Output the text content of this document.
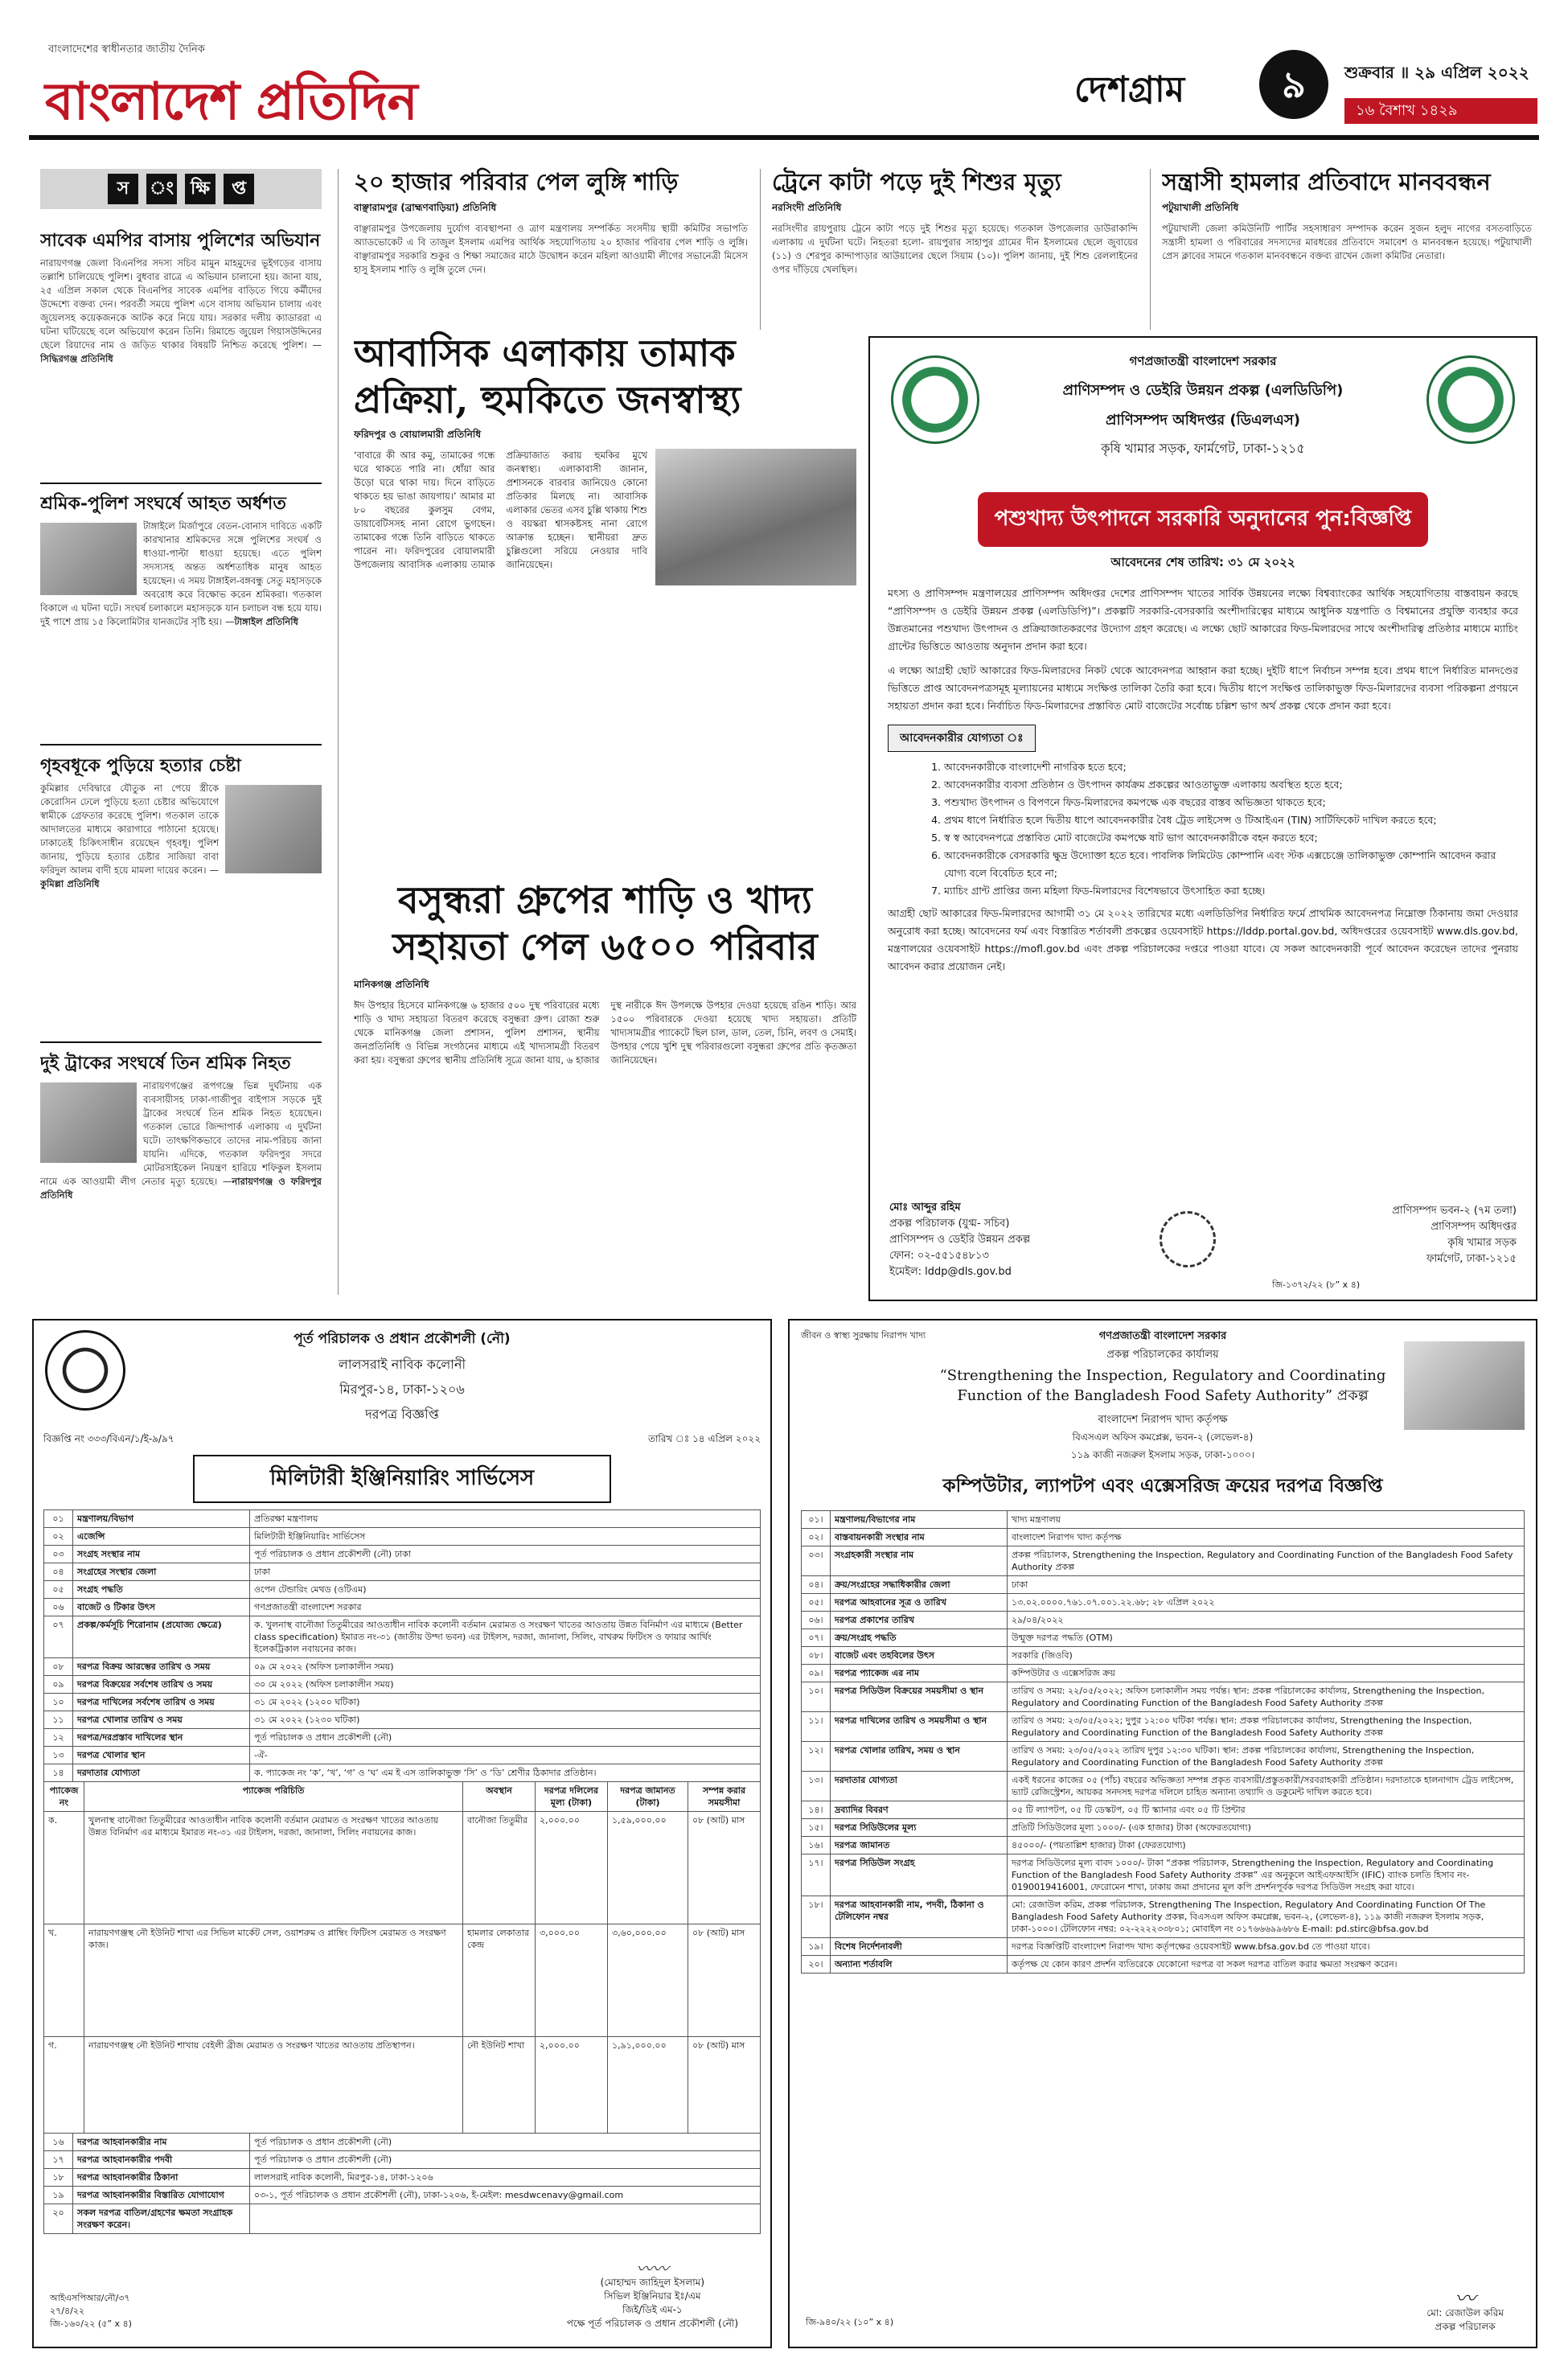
বাংলাদেশের স্বাধীনতার জাতীয় দৈনিক
বাংলাদেশ প্রতিদিন	দেশগ্রাম	৯	শুক্রবার ॥ ২৯ এপ্রিল ২০২২
১৬ বৈশাখ ১৪২৯
স	ং ক্ষি	প্ত
সাবেক এমপির বাসায় পুলিশের অভিযান

নারায়ণগঞ্জ জেলা বিএনপির সদস্য সচিব মামুন মাহমুদের ভূইগড়ের বাসায় তল্লাশি চালিয়েছে পুলিশ। বুধবার রাত্রে এ অভিযান চালানো হয়। জানা যায়, ২৫ এপ্রিল সকাল থেকে বিএনপির সাবেক এমপির বাড়িতে গিয়ে কর্মীদের উদ্দেশ্যে বক্তব্য দেন। পরবর্তী সময়ে পুলিশ এসে বাসায় অভিযান চালায় এবং জুয়েলসহ কয়েকজনকে আটক করে নিয়ে যায়। সরকার দলীয় ক্যাডাররা এ ঘটনা ঘটিয়েছে বলে অভিযোগ করেন তিনি। রিমান্ডে জুয়েল গিয়াসউদ্দিনের ছেলে রিয়াদের নাম ও জড়িত থাকার বিষয়টি নিশ্চিত করেছে পুলিশ। —সিদ্ধিরগঞ্জ প্রতিনিধি

শ্রমিক-পুলিশ সংঘর্ষে আহত অর্ধশত

টাঙ্গাইলে মির্জাপুরে বেতন-বোনাস দাবিতে একটি কারখানার শ্রমিকদের সঙ্গে পুলিশের সংঘর্ষ ও ধাওয়া-পাল্টা ধাওয়া হয়েছে। এতে পুলিশ সদস্যসহ অন্তত অর্ধশতাধিক মানুষ আহত হয়েছেন। এ সময় টাঙ্গাইল-বঙ্গবন্ধু সেতু মহাসড়কে অবরোধ করে বিক্ষোভ করেন শ্রমিকরা। গতকাল বিকালে এ ঘটনা ঘটে। সংঘর্ষ চলাকালে মহাসড়কে যান চলাচল বন্ধ হয়ে যায়। দুই পাশে প্রায় ১৫ কিলোমিটার যানজটের সৃষ্টি হয়। —টাঙ্গাইল প্রতিনিধি

গৃহবধূকে পুড়িয়ে হত্যার চেষ্টা

কুমিল্লার দেবিদ্বারে যৌতুক না পেয়ে স্ত্রীকে কেরোসিন ঢেলে পুড়িয়ে হত্যা চেষ্টার অভিযোগে স্বামীকে গ্রেফতার করেছে পুলিশ। গতকাল তাকে আদালতের মাধ্যমে কারাগারে পাঠানো হয়েছে। ঢাকাতেই চিকিৎসাধীন রয়েছেন গৃহবধূ। পুলিশ জানায়, পুড়িয়ে হত্যার চেষ্টার সাজিয়া বাবা ফরিদুল আলম বাদী হয়ে মামলা দায়ের করেন। —কুমিল্লা প্রতিনিধি

দুই ট্রাকের সংঘর্ষে তিন শ্রমিক নিহত

নারায়ণগঞ্জের রূপগঞ্জে ভিন্ন দুর্ঘটনায় এক ব্যবসায়ীসহ ঢাকা-গাজীপুর বাইপাস সড়কে দুই ট্রাকের সংঘর্ষে তিন শ্রমিক নিহত হয়েছেন। গতকাল ভোরে জিন্দাপার্ক এলাকায় এ দুর্ঘটনা ঘটে। তাৎক্ষণিকভাবে তাদের নাম-পরিচয় জানা যায়নি। এদিকে, গতকাল ফরিদপুর সদরে মোটরসাইকেল নিয়ন্ত্রণ হারিয়ে শফিকুল ইসলাম নামে এক আওয়ামী লীগ নেতার মৃত্যু হয়েছে। —নারায়ণগঞ্জ ও ফরিদপুর প্রতিনিধি

২০ হাজার পরিবার পেল লুঙ্গি শাড়ি
বাঞ্ছারামপুর (ব্রাহ্মণবাড়িয়া) প্রতিনিধি

বাঞ্ছারামপুর উপজেলায় দুর্যোগ ব্যবস্থাপনা ও ত্রাণ মন্ত্রণালয় সম্পর্কিত সংসদীয় স্থায়ী কমিটির সভাপতি অ্যাডভোকেট এ বি তাজুল ইসলাম এমপির আর্থিক সহযোগিতায় ২০ হাজার পরিবার পেল শাড়ি ও লুঙ্গি। বাঞ্ছারামপুর সরকারি শুকুর ও শিক্ষা সমাজের মাঠে উদ্বোধন করেন মহিলা আওয়ামী লীগের সভানেত্রী মিসেস হাসু ইসলাম শাড়ি ও লুঙ্গি তুলে দেন।

ট্রেনে কাটা পড়ে দুই শিশুর মৃত্যু
নরসিংদী প্রতিনিধি

নরসিংদীর রায়পুরায় ট্রেনে কাটা পড়ে দুই শিশুর মৃত্যু হয়েছে। গতকাল উপজেলার ডাউরাকান্দি এলাকায় এ দুর্ঘটনা ঘটে। নিহতরা হলো- রায়পুরার সাহাপুর গ্রামের দীন ইসলামের ছেলে জুবায়ের (১১) ও শেরপুর কান্দাপাড়ার আউয়ালের ছেলে সিয়াম (১০)। পুলিশ জানায়, দুই শিশু রেললাইনের ওপর দাঁড়িয়ে খেলছিল।

সন্ত্রাসী হামলার প্রতিবাদে মানববন্ধন
পটুয়াখালী প্রতিনিধি

পটুয়াখালী জেলা কমিউনিটি পার্টির সহসাধারণ সম্পাদক করেন সুজন হলুদ নাগের বসতবাড়িতে সন্ত্রাসী হামলা ও পরিবারের সদস্যদের মারধরের প্রতিবাদে সমাবেশ ও মানববন্ধন হয়েছে। পটুয়াখালী প্রেস ক্লাবের সামনে গতকাল মানববন্ধনে বক্তব্য রাখেন জেলা কমিটির নেতারা।

আবাসিক এলাকায় তামাক প্রক্রিয়া, হুমকিতে জনস্বাস্থ্য
ফরিদপুর ও বোয়ালমারী প্রতিনিধি

‘বাবারে কী আর কমু, তামাকের গন্ধে ঘরে থাকতে পারি না। ধোঁয়া আর উড়ো ঘরে থাকা দায়। দিনে বাড়িতে থাকতে হয় ভাঙা জায়গায়।’ আমার মা ৮০ বছরের কুলসুম বেগম, ডায়াবেটিসসহ নানা রোগে ভুগছেন। তামাকের গন্ধে তিনি বাড়িতে থাকতে পারেন না। ফরিদপুরের বোয়ালমারী উপজেলায় আবাসিক এলাকায় তামাক প্রক্রিয়াজাত করায় হুমকির মুখে জনস্বাস্থ্য। এলাকাবাসী জানান, প্রশাসনকে বারবার জানিয়েও কোনো প্রতিকার মিলছে না। আবাসিক এলাকার ভেতর এসব চুল্লি থাকায় শিশু ও বয়স্করা শ্বাসকষ্টসহ নানা রোগে আক্রান্ত হচ্ছেন। স্থানীয়রা দ্রুত চুল্লিগুলো সরিয়ে নেওয়ার দাবি জানিয়েছেন।

বসুন্ধরা গ্রুপের শাড়ি ও খাদ্য সহায়তা পেল ৬৫০০ পরিবার
মানিকগঞ্জ প্রতিনিধি

ঈদ উপহার হিসেবে মানিকগঞ্জে ৬ হাজার ৫০০ দুস্থ পরিবারের মধ্যে শাড়ি ও খাদ্য সহায়তা বিতরণ করেছে বসুন্ধরা গ্রুপ। রোজা শুরু থেকে মানিকগঞ্জ জেলা প্রশাসন, পুলিশ প্রশাসন, স্থানীয় জনপ্রতিনিধি ও বিভিন্ন সংগঠনের মাধ্যমে এই খাদ্যসামগ্রী বিতরণ করা হয়। বসুন্ধরা গ্রুপের স্থানীয় প্রতিনিধি সূত্রে জানা যায়, ৬ হাজার দুস্থ নারীকে ঈদ উপলক্ষে উপহার দেওয়া হয়েছে রঙিন শাড়ি। আর ১৫০০ পরিবারকে দেওয়া হয়েছে খাদ্য সহায়তা। প্রতিটি খাদ্যসামগ্রীর প্যাকেটে ছিল চাল, ডাল, তেল, চিনি, লবণ ও সেমাই। উপহার পেয়ে খুশি দুস্থ পরিবারগুলো বসুন্ধরা গ্রুপের প্রতি কৃতজ্ঞতা জানিয়েছেন।

গণপ্রজাতন্ত্রী বাংলাদেশ সরকার
প্রাণিসম্পদ ও ডেইরি উন্নয়ন প্রকল্প (এলডিডিপি)
প্রাণিসম্পদ অধিদপ্তর (ডিএলএস)
কৃষি খামার সড়ক, ফার্মগেট, ঢাকা-১২১৫
পশুখাদ্য উৎপাদনে সরকারি অনুদানের পুন:বিজ্ঞপ্তি
আবেদনের শেষ তারিখ: ৩১ মে ২০২২

মৎস্য ও প্রাণিসম্পদ মন্ত্রণালয়ের প্রাণিসম্পদ অধিদপ্তর দেশের প্রাণিসম্পদ খাতের সার্বিক উন্নয়নের লক্ষ্যে বিশ্বব্যাংকের আর্থিক সহযোগিতায় বাস্তবায়ন করছে “প্রাণিসম্পদ ও ডেইরি উন্নয়ন প্রকল্প (এলডিডিপি)”। প্রকল্পটি সরকারি-বেসরকারি অংশীদারিত্বের মাধ্যমে আধুনিক যন্ত্রপাতি ও বিশ্বমানের প্রযুক্তি ব্যবহার করে উন্নতমানের পশুখাদ্য উৎপাদন ও প্রক্রিয়াজাতকরণের উদ্যোগ গ্রহণ করেছে। এ লক্ষ্যে ছোট আকারের ফিড-মিলারদের সাথে অংশীদারিত্ব প্রতিষ্ঠার মাধ্যমে ম্যাচিং গ্রান্টের ভিত্তিতে আওতায় অনুদান প্রদান করা হবে।

এ লক্ষ্যে আগ্রহী ছোট আকারের ফিড-মিলারদের নিকট থেকে আবেদনপত্র আহ্বান করা হচ্ছে। দুইটি ধাপে নির্বাচন সম্পন্ন হবে। প্রথম ধাপে নির্ধারিত মানদণ্ডের ভিত্তিতে প্রাপ্ত আবেদনপত্রসমূহ মূল্যায়নের মাধ্যমে সংক্ষিপ্ত তালিকা তৈরি করা হবে। দ্বিতীয় ধাপে সংক্ষিপ্ত তালিকাভুক্ত ফিড-মিলারদের ব্যবসা পরিকল্পনা প্রণয়নে সহায়তা প্রদান করা হবে। নির্বাচিত ফিড-মিলারদের প্রস্তাবিত মোট বাজেটের সর্বোচ্চ চল্লিশ ভাগ অর্থ প্রকল্প থেকে প্রদান করা হবে।

আবেদনকারীর যোগ্যতা ঃ
1. আবেদনকারীকে বাংলাদেশী নাগরিক হতে হবে;
2. আবেদনকারীর ব্যবসা প্রতিষ্ঠান ও উৎপাদন কার্যক্রম প্রকল্পের আওতাভুক্ত এলাকায় অবস্থিত হতে হবে;
3. পশুখাদ্য উৎপাদন ও বিপণনে ফিড-মিলারদের কমপক্ষে এক বছরের বাস্তব অভিজ্ঞতা থাকতে হবে;
4. প্রথম ধাপে নির্ধারিত হলে দ্বিতীয় ধাপে আবেদনকারীর বৈধ ট্রেড লাইসেন্স ও টিআইএন (TIN) সার্টিফিকেট দাখিল করতে হবে;
5. স্ব স্ব আবেদনপত্রে প্রস্তাবিত মোট বাজেটের কমপক্ষে ষাট ভাগ আবেদনকারীকে বহন করতে হবে;
6. আবেদনকারীকে বেসরকারি ক্ষুদ্র উদ্যোক্তা হতে হবে। পাবলিক লিমিটেড কোম্পানি এবং স্টক এক্সচেঞ্জে তালিকাভুক্ত কোম্পানি আবেদন করার যোগ্য বলে বিবেচিত হবে না;
7. ম্যাচিং গ্রান্ট প্রাপ্তির জন্য মহিলা ফিড-মিলারদের বিশেষভাবে উৎসাহিত করা হচ্ছে।

আগ্রহী ছোট আকারের ফিড-মিলারদের আগামী ৩১ মে ২০২২ তারিখের মধ্যে এলডিডিপির নির্ধারিত ফর্মে প্রাথমিক আবেদনপত্র নিম্নোক্ত ঠিকানায় জমা দেওয়ার অনুরোধ করা হচ্ছে। আবেদনের ফর্ম এবং বিস্তারিত শর্তাবলী প্রকল্পের ওয়েবসাইট https://lddp.portal.gov.bd, অধিদপ্তরের ওয়েবসাইট www.dls.gov.bd, মন্ত্রণালয়ের ওয়েবসাইট https://mofl.gov.bd এবং প্রকল্প পরিচালকের দপ্তরে পাওয়া যাবে। যে সকল আবেদনকারী পূর্বে আবেদন করেছেন তাদের পুনরায় আবেদন করার প্রয়োজন নেই।

মোঃ আব্দুর রহিম
প্রকল্প পরিচালক (যুগ্ম- সচিব)
প্রাণিসম্পদ ও ডেইরি উন্নয়ন প্রকল্প
ফোন: ০২-৫৫১৫৪৮১৩
ইমেইল: lddp@dls.gov.bd
প্রাণিসম্পদ ভবন-২ (৭ম তলা)
প্রাণিসম্পদ অধিদপ্তর
কৃষি খামার সড়ক
ফার্মগেট, ঢাকা-১২১৫
জি-১৩৭২/২২ (৮” x ৪)
পূর্ত পরিচালক ও প্রধান প্রকৌশলী (নৌ)
লালসরাই নাবিক কলোনী
মিরপুর-১৪, ঢাকা-১২০৬
দরপত্র বিজ্ঞপ্তি
বিজ্ঞপ্তি নং ৩৩৩/বিএন/১/ই-৯/৯৭	তারিখ ঃ ১৪ এপ্রিল ২০২২
মিলিটারী ইঞ্জিনিয়ারিং সার্ভিসেস
০১	মন্ত্রণালয়/বিভাগ	প্রতিরক্ষা মন্ত্রণালয়
০২	এজেন্সি	মিলিটারী ইঞ্জিনিয়ারিং সার্ভিসেস
০৩	সংগ্রহ সংস্থার নাম	পূর্ত পরিচালক ও প্রধান প্রকৌশলী (নৌ) ঢাকা
০৪	সংগ্রহের সংস্থার জেলা	ঢাকা
০৫	সংগ্রহ পদ্ধতি	ওপেন টেন্ডারিং মেথড (ওটিএম)
০৬	বাজেট ও টিকার উৎস	গণপ্রজাতন্ত্রী বাংলাদেশ সরকার
০৭	প্রকল্প/কর্মসূচি শিরোনাম (প্রযোজ্য ক্ষেত্রে)	ক. খুলনাস্থ বানৌজা তিতুমীরের আওতাধীন নাবিক কলোনী বর্তমান মেরামত ও সংরক্ষণ খাতের আওতায় উন্নত বিনির্মাণ এর মাধ্যমে (Better class specification) ইমারত নং-৩১ (জাতীয় উম্দা ভবন) এর টাইলস, দরজা, জানালা, সিলিং, বাথরুম ফিটিংস ও ফায়ার আর্থিং ইলেকট্রিকাল নবায়নের কাজ।
০৮	দরপত্র বিক্রয় আরম্ভের তারিখ ও সময়	০৯ মে ২০২২ (অফিস চলাকালীন সময়)
০৯	দরপত্র বিক্রয়ের সর্বশেষ তারিখ ও সময়	৩০ মে ২০২২ (অফিস চলাকালীন সময়)
১০	দরপত্র দাখিলের সর্বশেষ তারিখ ও সময়	৩১ মে ২০২২ (১২০০ ঘটিকা)
১১	দরপত্র খোলার তারিখ ও সময়	৩১ মে ২০২২ (১২৩০ ঘটিকা)
১২	দরপত্র/দরপ্রস্তাব দাখিলের স্থান	পূর্ত পরিচালক ও প্রধান প্রকৌশলী (নৌ)
১৩	দরপত্র খোলার স্থান	-ঐ-
১৪	দরদাতার যোগ্যতা	ক. প্যাকেজ নং ‘ক’, ‘খ’, ‘গ’ ও ‘ঘ’ এম ই এস তালিকাভুক্ত ‘সি’ ও ‘ডি’ শ্রেণীর ঠিকাদার প্রতিষ্ঠান।
প্যাকেজ নং	প্যাকেজ পরিচিতি	অবস্থান	দরপত্র দলিলের মূল্য (টাকা)	দরপত্র জামানত (টাকা)	সম্পন্ন করার সময়সীমা
ক.	খুলনাস্থ বানৌজা তিতুমীরের আওতাধীন নাবিক কলোনী বর্তমান মেরামত ও সংরক্ষণ খাতের আওতায় উন্নত বিনির্মাণ এর মাধ্যমে ইমারত নং-৩১ এর টাইলস, দরজা, জানালা, সিলিং নবায়নের কাজ।	বানৌজা তিতুমীর	২,০০০.০০	১,৫৯,০০০.০০	০৮ (আট) মাস
খ.	নারায়ণগঞ্জস্থ নৌ ইউনিট শাখা এর সিভিল মার্কেট সেল, ওয়াশরুম ও প্লাম্বিং ফিটিংস মেরামত ও সংরক্ষণ কাজ।	হামলার লেকাতার কেন্দ্র	৩,০০০.০০	৩,৬০,০০০.০০	০৮ (আট) মাস
গ.	নারায়ণগঞ্জস্থ নৌ ইউনিট শাখায় বেইলী ব্রীজ মেরামত ও সংরক্ষণ খাতের আওতায় প্রতিস্থাপন।	নৌ ইউনিট শাখা	২,০০০.০০	১,৯১,০০০.০০	০৮ (আট) মাস
১৬	দরপত্র আহবানকারীর নাম	পূর্ত পরিচালক ও প্রধান প্রকৌশলী (নৌ)
১৭	দরপত্র আহবানকারীর পদবী	পূর্ত পরিচালক ও প্রধান প্রকৌশলী (নৌ)
১৮	দরপত্র আহবানকারীর ঠিকানা	লালসরাই নাবিক কলোনী, মিরপুর-১৪, ঢাকা-১২০৬
১৯	দরপত্র আহবানকারীর বিস্তারিত যোগাযোগ	০৩-১, পূর্ত পরিচালক ও প্রধান প্রকৌশলী (নৌ), ঢাকা-১২০৬, ই-মেইল: mesdwcenavy@gmail.com
২০	সকল দরপত্র বাতিল/গ্রহণের ক্ষমতা সংগ্রাহক সংরক্ষণ করেন।	
আইএসপিআর/নৌ/৩৭
২৭/৪/২২
জি-১৬০/২২ (৫” x ৪)
〰〰
(মোহাম্মদ জাহিদুল ইসলাম)
সিভিল ইঞ্জিনিয়ার ইঃ/এম
জিই/ডিই এম-১
পক্ষে পূর্ত পরিচালক ও প্রধান প্রকৌশলী (নৌ)
জীবন ও স্বাস্থ্য সুরক্ষায় নিরাপদ খাদ্য	গণপ্রজাতন্ত্রী বাংলাদেশ সরকার
প্রকল্প পরিচালকের কার্যালয়
“Strengthening the Inspection, Regulatory and Coordinating Function of the Bangladesh Food Safety Authority” প্রকল্প
বাংলাদেশ নিরাপদ খাদ্য কর্তৃপক্ষ
বিএসএল অফিস কমপ্লেক্স, ভবন-২ (লেভেল-৪)
১১৯ কাজী নজরুল ইসলাম সড়ক, ঢাকা-১০০০।
কম্পিউটার, ল্যাপটপ এবং এক্সেসরিজ ক্রয়ের দরপত্র বিজ্ঞপ্তি
০১।	মন্ত্রণালয়/বিভাগের নাম	খাদ্য মন্ত্রণালয়
০২।	বাস্তবায়নকারী সংস্থার নাম	বাংলাদেশ নিরাপদ খাদ্য কর্তৃপক্ষ
০৩।	সংগ্রহকারী সংস্থার নাম	প্রকল্প পরিচালক, Strengthening the Inspection, Regulatory and Coordinating Function of the Bangladesh Food Safety Authority প্রকল্প
০৪।	ক্রয়/সংগ্রহের সদ্ধাধিকারীর জেলা	ঢাকা
০৫।	দরপত্র আহবানের সূত্র ও তারিখ	১৩.০২.০০০০.৭৬১.০৭.০০১.২২.৬৮; ২৮ এপ্রিল ২০২২
০৬।	দরপত্র প্রকাশের তারিখ	২৯/০৪/২০২২
০৭।	ক্রয়/সংগ্রহ পদ্ধতি	উন্মুক্ত দরপত্র পদ্ধতি (OTM)
০৮।	বাজেট এবং তহবিলের উৎস	সরকারি (জিওবি)
০৯।	দরপত্র প্যাকেজ এর নাম	কম্পিউটার ও এক্সেসরিজ ক্রয়
১০।	দরপত্র সিডিউল বিক্রয়ের সময়সীমা ও স্থান	তারিখ ও সময়: ২২/০৫/২০২২; অফিস চলাকালীন সময় পর্যন্ত। স্থান: প্রকল্প পরিচালকের কার্যালয়, Strengthening the Inspection, Regulatory and Coordinating Function of the Bangladesh Food Safety Authority প্রকল্প
১১।	দরপত্র দাখিলের তারিখ ও সময়সীমা ও স্থান	তারিখ ও সময়: ২৩/০৫/২০২২; দুপুর ১২:০০ ঘটিকা পর্যন্ত। স্থান: প্রকল্প পরিচালকের কার্যালয়, Strengthening the Inspection, Regulatory and Coordinating Function of the Bangladesh Food Safety Authority প্রকল্প
১২।	দরপত্র খোলার তারিখ, সময় ও স্থান	তারিখ ও সময়: ২৩/০৫/২০২২ তারিখ দুপুর ১২:৩০ ঘটিকা। স্থান: প্রকল্প পরিচালকের কার্যালয়, Strengthening the Inspection, Regulatory and Coordinating Function of the Bangladesh Food Safety Authority প্রকল্প
১৩।	দরদাতার যোগ্যতা	একই ধরনের কাজের ০৫ (পাঁচ) বছরের অভিজ্ঞতা সম্পন্ন প্রকৃত ব্যবসায়ী/প্রস্তুতকারী/সরবরাহকারী প্রতিষ্ঠান। দরদাতাকে হালনাগাদ ট্রেড লাইসেন্স, ভ্যাট রেজিস্ট্রেশন, আয়কর সনদসহ দরপত্র দলিলে চাহিত অন্যান্য তথ্যাদি ও ডকুমেন্ট দাখিল করতে হবে।
১৪।	দ্রব্যাদির বিবরণ	০৫ টি ল্যাপটপ, ০৫ টি ডেস্কটপ, ০৫ টি স্ক্যানার এবং ০৫ টি প্রিন্টার
১৫।	দরপত্র সিডিউলের মূল্য	প্রতিটি সিডিউলের মূল্য ১০০০/- (এক হাজার) টাকা (অফেরতযোগ্য)
১৬।	দরপত্র জামানত	৪৫০০০/- (পয়তাল্লিশ হাজার) টাকা (ফেরতযোগ্য)
১৭।	দরপত্র সিডিউল সংগ্রহ	দরপত্র সিডিউলের মূল্য বাবদ ১০০০/- টাকা “প্রকল্প পরিচালক, Strengthening the Inspection, Regulatory and Coordinating Function of the Bangladesh Food Safety Authority প্রকল্প” এর অনুকূলে আইএফআইসি (IFIC) ব্যাংক চলতি হিসাব নং- 0190019416001, ফেরোমেন শাখা, ঢাকায় জমা প্রদানের মূল কপি প্রদর্শনপূর্বক দরপত্র সিডিউল সংগ্রহ করা যাবে।
১৮।	দরপত্র আহবানকারী নাম, পদবী, ঠিকানা ও টেলিফোন নম্বর	মো: রেজাউল করিম, প্রকল্প পরিচালক, Strengthening The Inspection, Regulatory And Coordinating Function Of The Bangladesh Food Safety Authority প্রকল্প, বিএসএল অফিস কমপ্লেক্স, ভবন-২, (লেভেল-৪), ১১৯ কাজী নজরুল ইসলাম সড়ক, ঢাকা-১০০০। টেলিফোন নম্বর: ০২-২২২২৩৩৮০১; মোবাইল নং ০১৭৬৬৬৯৯৬৮৬ E-mail: pd.stirc@bfsa.gov.bd
১৯।	বিশেষ নির্দেশনাবলী	দরপত্র বিজ্ঞপ্তিটি বাংলাদেশ নিরাপদ খাদ্য কর্তৃপক্ষের ওয়েবসাইট www.bfsa.gov.bd তে পাওয়া যাবে।
২০।	অন্যান্য শর্তাবলি	কর্তৃপক্ষ যে কোন কারণ প্রদর্শন ব্যতিরেকে যেকোনো দরপত্র বা সকল দরপত্র বাতিল করার ক্ষমতা সংরক্ষণ করেন।
জি-৯৪০/২২ (১০” x ৪)
〰
মো: রেজাউল করিম
প্রকল্প পরিচালক
